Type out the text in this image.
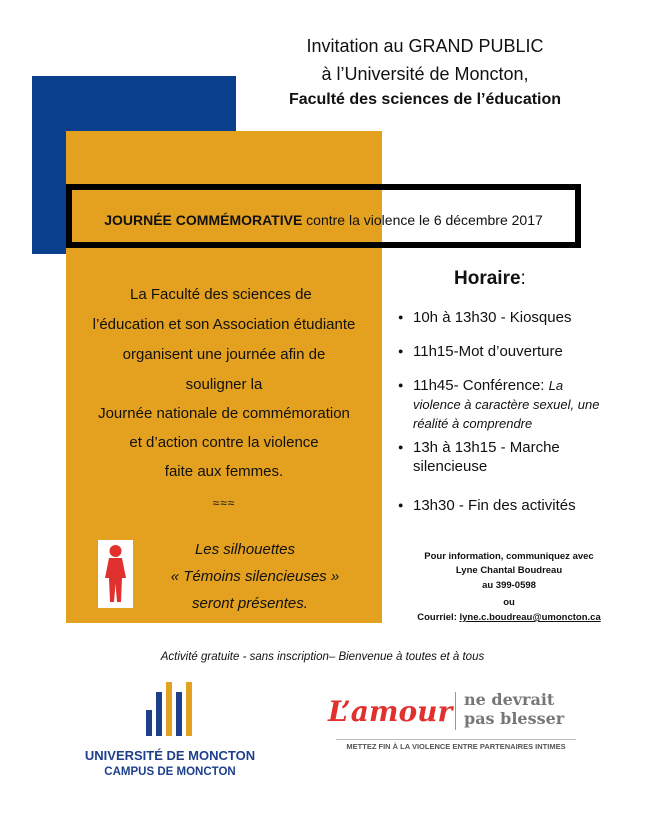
Invitation au GRAND PUBLIC
à l’Université de Moncton,
Faculté des sciences de l’éducation
JOURNÉE COMMÉMORATIVE contre la violence le 6 décembre 2017
La Faculté des sciences de
l’éducation et son Association étudiante
organisent une journée afin de
souligner la
Journée nationale de commémoration
et d’action contre la violence
faite aux femmes.
≈≈≈
Les silhouettes
« Témoins silencieuses »
seront présentes.
Horaire:
● 10h à 13h30 - Kiosques
● 11h15-Mot d’ouverture
● 11h45- Conférence: La violence à caractère sexuel, une réalité à comprendre
● 13h à 13h15 - Marche silencieuse
● 13h30 - Fin des activités
Pour information, communiquez avec
Lyne Chantal Boudreau
au 399-0598
ou
Courriel: lyne.c.boudreau@umoncton.ca
Activité gratuite - sans inscription– Bienvenue à toutes et à tous
UNIVERSITÉ DE MONCTON
CAMPUS DE MONCTON
L’amour ne devrait
pas blesser
METTEZ FIN À LA VIOLENCE ENTRE PARTENAIRES INTIMES
